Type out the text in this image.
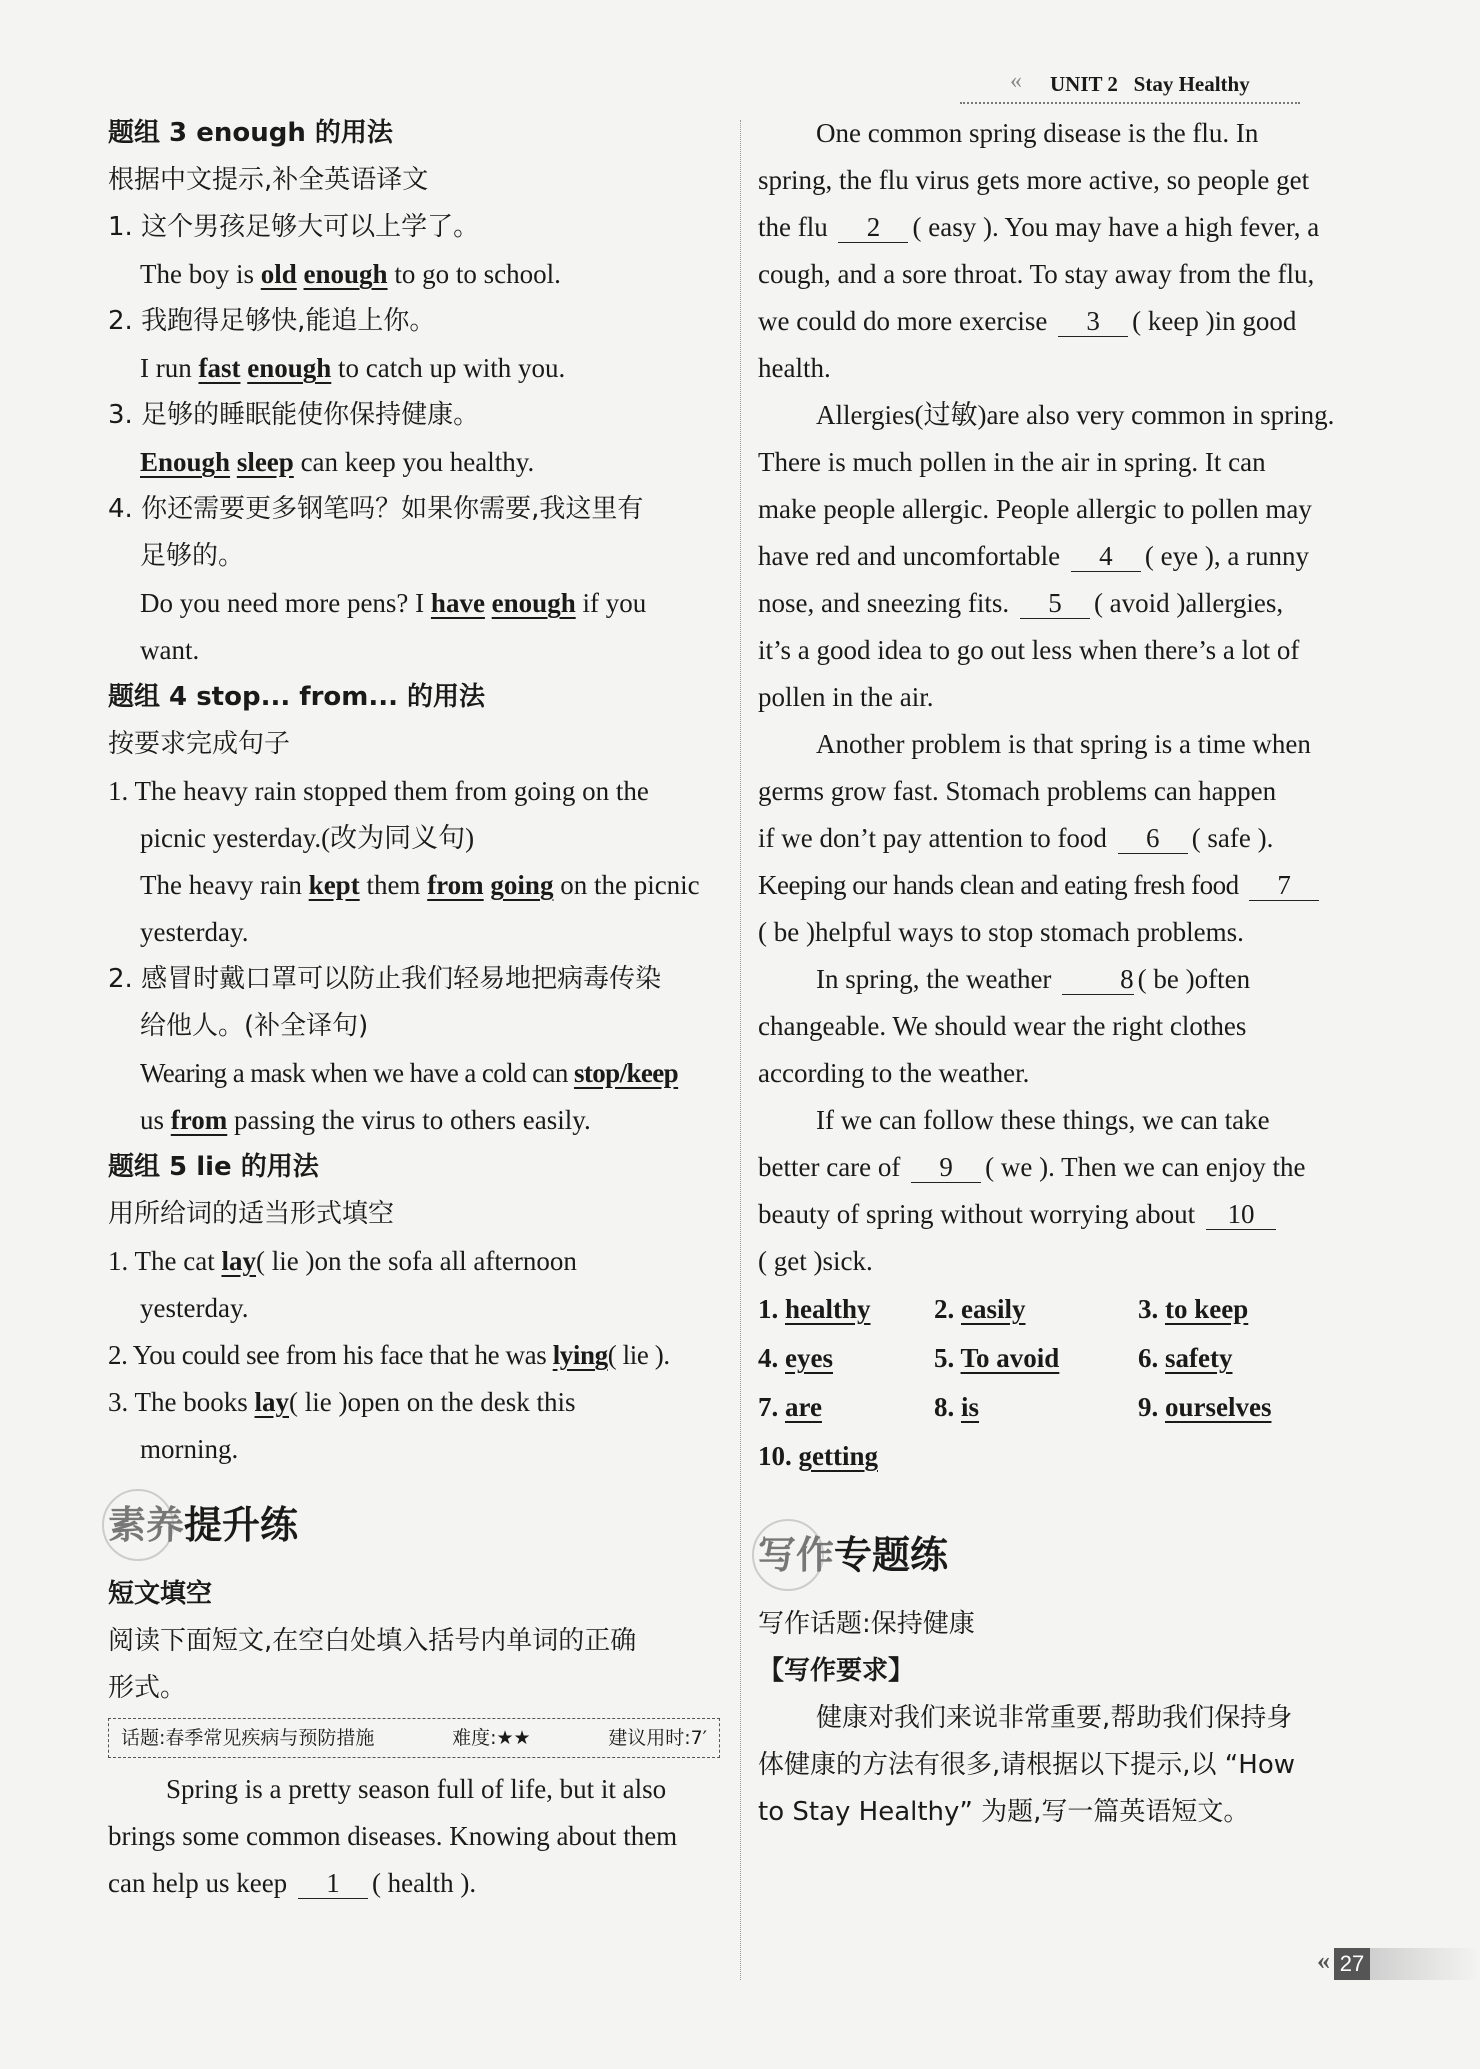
« UNIT 2 Stay Healthy
题组 3 enough 的用法
根据中文提示,补全英语译文
1. 这个男孩足够大可以上学了。
The boy is old enough to go to school.
2. 我跑得足够快,能追上你。
I run fast enough to catch up with you.
3. 足够的睡眠能使你保持健康。
Enough sleep can keep you healthy.
4. 你还需要更多钢笔吗？如果你需要,我这里有
足够的。
Do you need more pens? I have enough if you
want.
题组 4 stop... from... 的用法
按要求完成句子
1. The heavy rain stopped them from going on the
picnic yesterday.(改为同义句)
The heavy rain kept them from going on the picnic
yesterday.
2. 感冒时戴口罩可以防止我们轻易地把病毒传染
给他人。(补全译句)
Wearing a mask when we have a cold can stop/keep
us from passing the virus to others easily.
题组 5 lie 的用法
用所给词的适当形式填空
1. The cat lay( lie )on the sofa all afternoon
yesterday.
2. You could see from his face that he was lying( lie ).
3. The books lay( lie )open on the desk this
morning.
素养提升练
短文填空
阅读下面短文,在空白处填入括号内单词的正确
形式。
话题:春季常见疾病与预防措施	难度:★★	建议用时:7′
Spring is a pretty season full of life, but it also
brings some common diseases. Knowing about them
can help us keep 1 ( health ).
One common spring disease is the flu. In
spring, the flu virus gets more active, so people get
the flu 2 ( easy ). You may have a high fever, a
cough, and a sore throat. To stay away from the flu,
we could do more exercise 3 ( keep )in good
health.
Allergies(过敏)are also very common in spring.
There is much pollen in the air in spring. It can
make people allergic. People allergic to pollen may
have red and uncomfortable 4 ( eye ), a runny
nose, and sneezing fits. 5 ( avoid )allergies,
it’s a good idea to go out less when there’s a lot of
pollen in the air.
Another problem is that spring is a time when
germs grow fast. Stomach problems can happen
if we don’t pay attention to food 6 ( safe ).
Keeping our hands clean and eating fresh food 7
( be )helpful ways to stop stomach problems.
In spring, the weather 8 ( be )often
changeable. We should wear the right clothes
according to the weather.
If we can follow these things, we can take
better care of 9 ( we ). Then we can enjoy the
beauty of spring without worrying about 10
( get )sick.
1. healthy	2. easily	3. to keep
4. eyes	5. To avoid	6. safety
7. are	8. is	9. ourselves
10. getting
写作专题练
写作话题:保持健康
【写作要求】
健康对我们来说非常重要,帮助我们保持身
体健康的方法有很多,请根据以下提示,以 “How
to Stay Healthy” 为题,写一篇英语短文。
« 27
